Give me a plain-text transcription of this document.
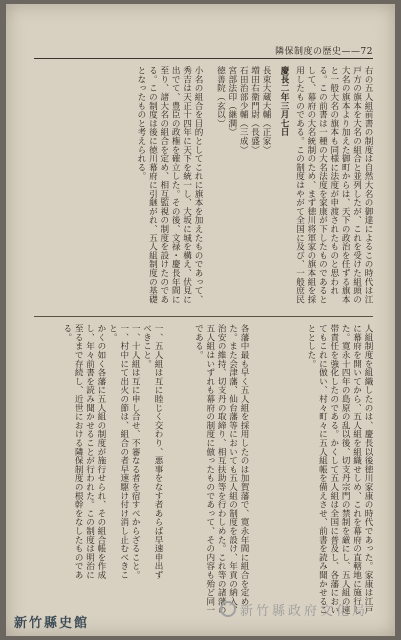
隣保制度の歴史——72
右の五人組前書の制度は自然大名の御達によるこの時代は江戸方の旗本を大名の組合と並列したが、これを受けた組頭の大名の旗本より加えた御町からは、天下の政治を任ずる旗本と一般大名の旗本も同様に法度が申渡されたものと思われる。この前書は一種の大名法度を家康が下したものであるとして、幕府の大名統制のため、まず徳川将軍家の旗本組を採用したものである。この制度はやがて全国に及び、一般庶民
慶長二年三月七日
長束大蔵大輔（正家）
増田右衛門尉（長盛）
石田治部少輔（三成）
宮部法印（継潤）
徳善院（玄以）
小名の組合を目的としてこれに旗本を加えたものであって、秀吉は天正十四年に天下を統一し、大坂に城を構え、伏見に出でて、豊臣の政権を確立した。その後、文禄・慶長年間に至り、諸大名の組合を定め、相互監視の制度を設けたのである。この制度は後に徳川幕府に引継がれ、五人組制度の基礎となったものと考えられる。
人組制度を組織したのは、慶長以後徳川家康の時代であった。家康は江戸に幕府を開いてから、五人組を組織せしめ、これを幕府の直轄地に施行した。寛永十四年の島原の乱以後、切支丹宗門の禁制を厳にし、五人組の連帯責任を強化したのである。かくして五人組は全国に普及し、各藩においてもこれに倣い、村々町々に五人組帳を備えさせ、前書を読み聞かせることとした。
各藩中最も早く五人組を採用したのは加賀藩で、寛永年間に組合を定めた。また会津藩、仙台藩等においても五人組の制度を設け、年貢の納入、治安の維持、切支丹の取締り、相互扶助等を行わしめた。これ等の諸藩の五人組はいずれも幕府の制度に倣ったものであって、その内容も殆ど同一である。
一、五人組は互に睦じく交わり、悪事をなす者あらば早速申出ずべきこと。
一、十人組は互に申し合せ、不審なる者を宿すべからざること。
一、村中にて出火の節は、組合の者早速駆け付け消し止むべきこと。
かくの如く各藩に五人組の制度が施行せられ、その組合帳を作成し、年々前書を読み聞かせることが行われた。この制度は明治に至るまで存続し、近世における隣保制度の根幹をなしたものである。
新竹縣政府文化局
新竹縣史館
